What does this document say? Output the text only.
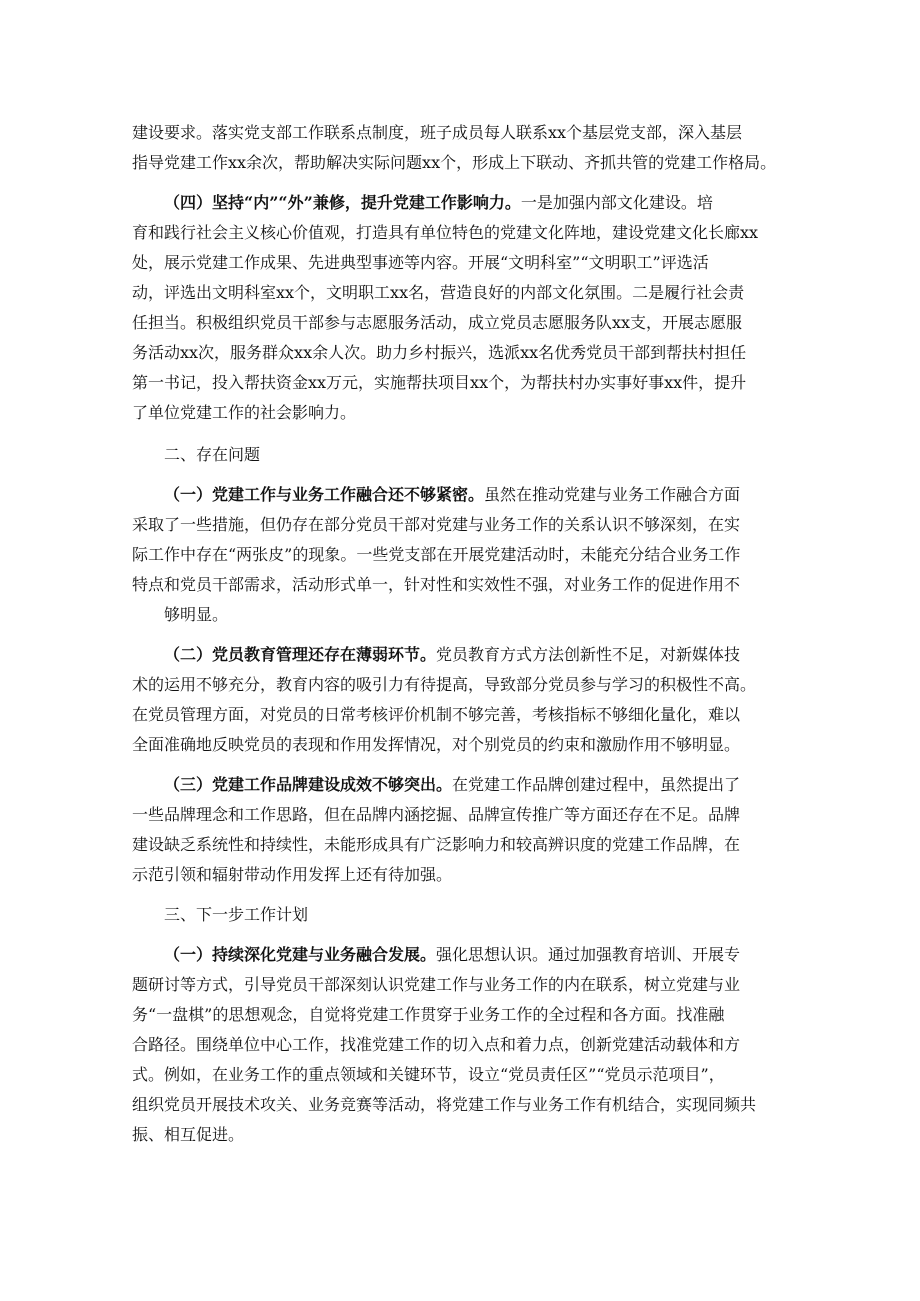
建设要求。落实党支部工作联系点制度，班子成员每人联系xx个基层党支部，深入基层
指导党建工作xx余次，帮助解决实际问题xx个，形成上下联动、齐抓共管的党建工作格局。
（四）坚持“内”“外”兼修，提升党建工作影响力。一是加强内部文化建设。培
育和践行社会主义核心价值观，打造具有单位特色的党建文化阵地，建设党建文化长廊xx
处，展示党建工作成果、先进典型事迹等内容。开展“文明科室”“文明职工”评选活
动，评选出文明科室xx个，文明职工xx名，营造良好的内部文化氛围。二是履行社会责
任担当。积极组织党员干部参与志愿服务活动，成立党员志愿服务队xx支，开展志愿服
务活动xx次，服务群众xx余人次。助力乡村振兴，选派xx名优秀党员干部到帮扶村担任
第一书记，投入帮扶资金xx万元，实施帮扶项目xx个，为帮扶村办实事好事xx件，提升
了单位党建工作的社会影响力。
二、存在问题
（一）党建工作与业务工作融合还不够紧密。虽然在推动党建与业务工作融合方面
采取了一些措施，但仍存在部分党员干部对党建与业务工作的关系认识不够深刻，在实
际工作中存在“两张皮”的现象。一些党支部在开展党建活动时，未能充分结合业务工作
特点和党员干部需求，活动形式单一，针对性和实效性不强，对业务工作的促进作用不
够明显。
（二）党员教育管理还存在薄弱环节。党员教育方式方法创新性不足，对新媒体技
术的运用不够充分，教育内容的吸引力有待提高，导致部分党员参与学习的积极性不高。
在党员管理方面，对党员的日常考核评价机制不够完善，考核指标不够细化量化，难以
全面准确地反映党员的表现和作用发挥情况，对个别党员的约束和激励作用不够明显。
（三）党建工作品牌建设成效不够突出。在党建工作品牌创建过程中，虽然提出了
一些品牌理念和工作思路，但在品牌内涵挖掘、品牌宣传推广等方面还存在不足。品牌
建设缺乏系统性和持续性，未能形成具有广泛影响力和较高辨识度的党建工作品牌，在
示范引领和辐射带动作用发挥上还有待加强。
三、下一步工作计划
（一）持续深化党建与业务融合发展。强化思想认识。通过加强教育培训、开展专
题研讨等方式，引导党员干部深刻认识党建工作与业务工作的内在联系，树立党建与业
务“一盘棋”的思想观念，自觉将党建工作贯穿于业务工作的全过程和各方面。找准融
合路径。围绕单位中心工作，找准党建工作的切入点和着力点，创新党建活动载体和方
式。例如，在业务工作的重点领域和关键环节，设立“党员责任区”“党员示范项目”，
组织党员开展技术攻关、业务竞赛等活动，将党建工作与业务工作有机结合，实现同频共
振、相互促进。
